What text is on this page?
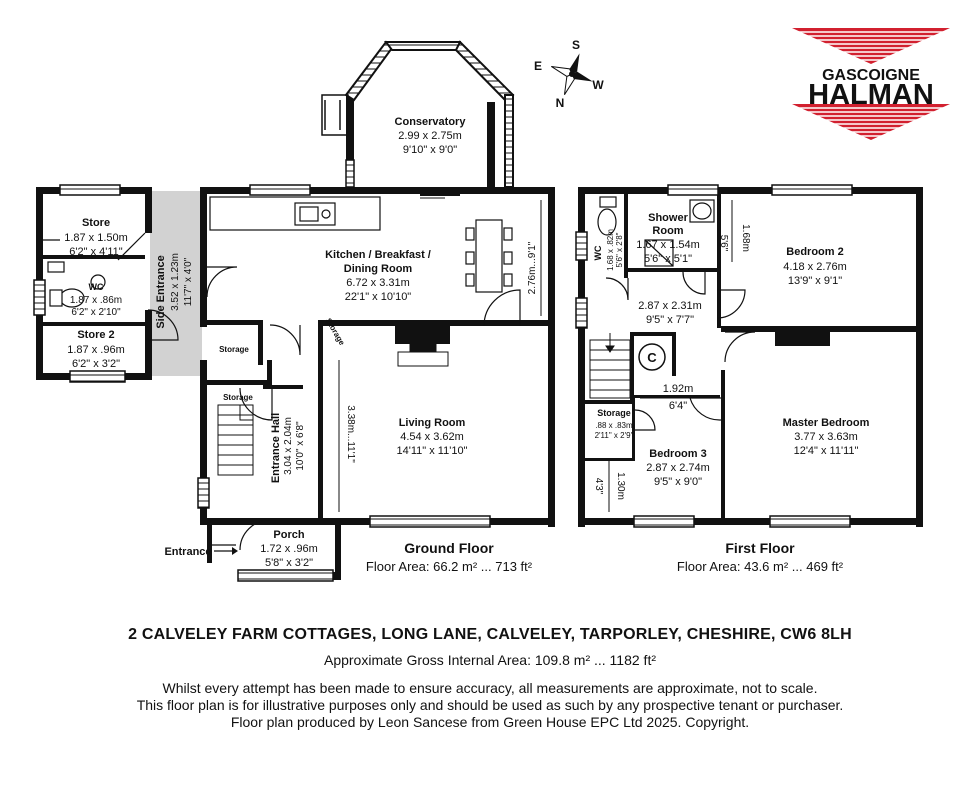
GASCOIGNE
HALMAN
S
E
W
N
Conservatory
2.99 x 2.75m
9'10" x 9'0"
Kitchen / Breakfast /
Dining Room
6.72 x 3.31m
22'1" x 10'10"
2.76m...9'1"
Store
1.87 x 1.50m
6'2" x 4'11"
WC
1.87 x .86m
6'2" x 2'10"
Store 2
1.87 x .96m
6'2" x 3'2"
Side Entrance 3.52 x 1.23m 11'7" x 4'0"
Storage
Storage
Storage
Entrance Hall 3.04 x 2.04m 10'0" x 6'8"	Living Room
4.54 x 3.62m
14'11" x 11'10"
3.38m...11'1"
Porch
1.72 x .96m
5'8" x 3'2"
Entrance	Ground Floor
Floor Area: 66.2 m² ... 713 ft²
WC 1.68 x .82m 5'6" x 2'8"
Shower
Room
1.67 x 1.54m
5'6" x 5'1"
Bedroom 2
4.18 x 2.76m
13'9" x 9'1"
1.68m
5'6"
2.87 x 2.31m
9'5" x 7'7"
C
1.92m
6'4"
Storage
.88 x .83m
2'11" x 2'9"
Bedroom 3
2.87 x 2.74m
9'5" x 9'0"
1.30m
4'3"
Master Bedroom
3.77 x 3.63m
12'4" x 11'11"
First Floor
Floor Area: 43.6 m² ... 469 ft²
2 CALVELEY FARM COTTAGES, LONG LANE, CALVELEY, TARPORLEY, CHESHIRE, CW6 8LH
Approximate Gross Internal Area: 109.8 m² ... 1182 ft²
Whilst every attempt has been made to ensure accuracy, all measurements are approximate, not to scale.
This floor plan is for illustrative purposes only and should be used as such by any prospective tenant or purchaser.
Floor plan produced by Leon Sancese from Green House EPC Ltd 2025. Copyright.
